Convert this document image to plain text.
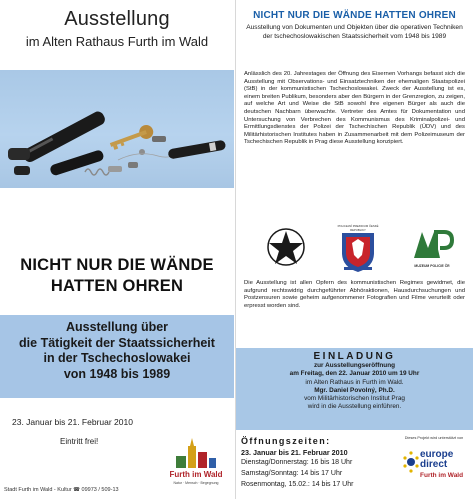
Ausstellung
im Alten Rathaus Furth im Wald
NICHT NUR DIE WÄNDE
HATTEN OHREN
Ausstellung über
die Tätigkeit der Staatssicherheit
in der Tschechoslowakei
von 1948 bis 1989
23. Januar bis 21. Februar 2010
Eintritt frei!
Furth im Wald
Natur · Mensch · Begegnung
Stadt Furth im Wald - Kultur ☎ 09973 / 509-13
NICHT NUR DIE WÄNDE HATTEN OHREN
Ausstellung von Dokumenten und Objekten über die operativen Techniken der tschechoslowakischen Staatssicherheit vom 1948 bis 1989
Anlässlich des 20. Jahrestages der Öffnung des Eisernen Vorhangs befasst sich die Ausstellung mit Observations- und Einsatztechniken der ehemaligen Staatspolizei (StB) in der kommunistischen Tschechoslowakei. Zweck der Ausstellung ist es, einem breiten Publikum, besonders aber den Bürgern in der Grenzregion, zu zeigen, auf welche Art und Weise die StB sowohl ihre eigenen Bürger als auch die deutschen Nachbarn überwachte. Vertreter des Amtes für Dokumentation und Untersuchung von Verbrechen des Kommunismus des Kriminalpolizei- und Ermittlungsdienstes der Polizei der Tschechischen Republik (ÚDV) und des Militärhistorischen Institutes haben in Zusammenarbeit mit dem Polizeimuseum der Tschechischen Republik in Prag diese Ausstellung konzipiert.
POLICEJNÍ PREZIDIUM ČESKÉ REPUBLIKY
MUZEUM POLICIE ČR
Die Ausstellung ist allen Opfern des kommunistischen Regimes gewidmet, die aufgrund rechtswidrig durchgeführter Abhöraktionen, Hausdurchsuchungen und Postzensuren sowie geheim aufgenommener Fotografien und Filme verurteilt oder erpresst worden sind.
EINLADUNG
zur Ausstellungseröffnung
am Freitag, den 22. Januar 2010 um 19 Uhr
im Alten Rathaus in Furth im Wald.
Mgr. Daniel Povolný, Ph.D.
vom Militärhistorischen Institut Prag
wird in die Ausstellung einführen.
Öffnungszeiten:
23. Januar bis 21. Februar 2010
Dienstag/Donnerstag: 16 bis 18 Uhr
Samstag/Sonntag: 14 bis 17 Uhr
Rosenmontag, 15.02.: 14 bis 17 Uhr
Dieses Projekt wird unterstützt von
europe
direct
Furth im Wald
